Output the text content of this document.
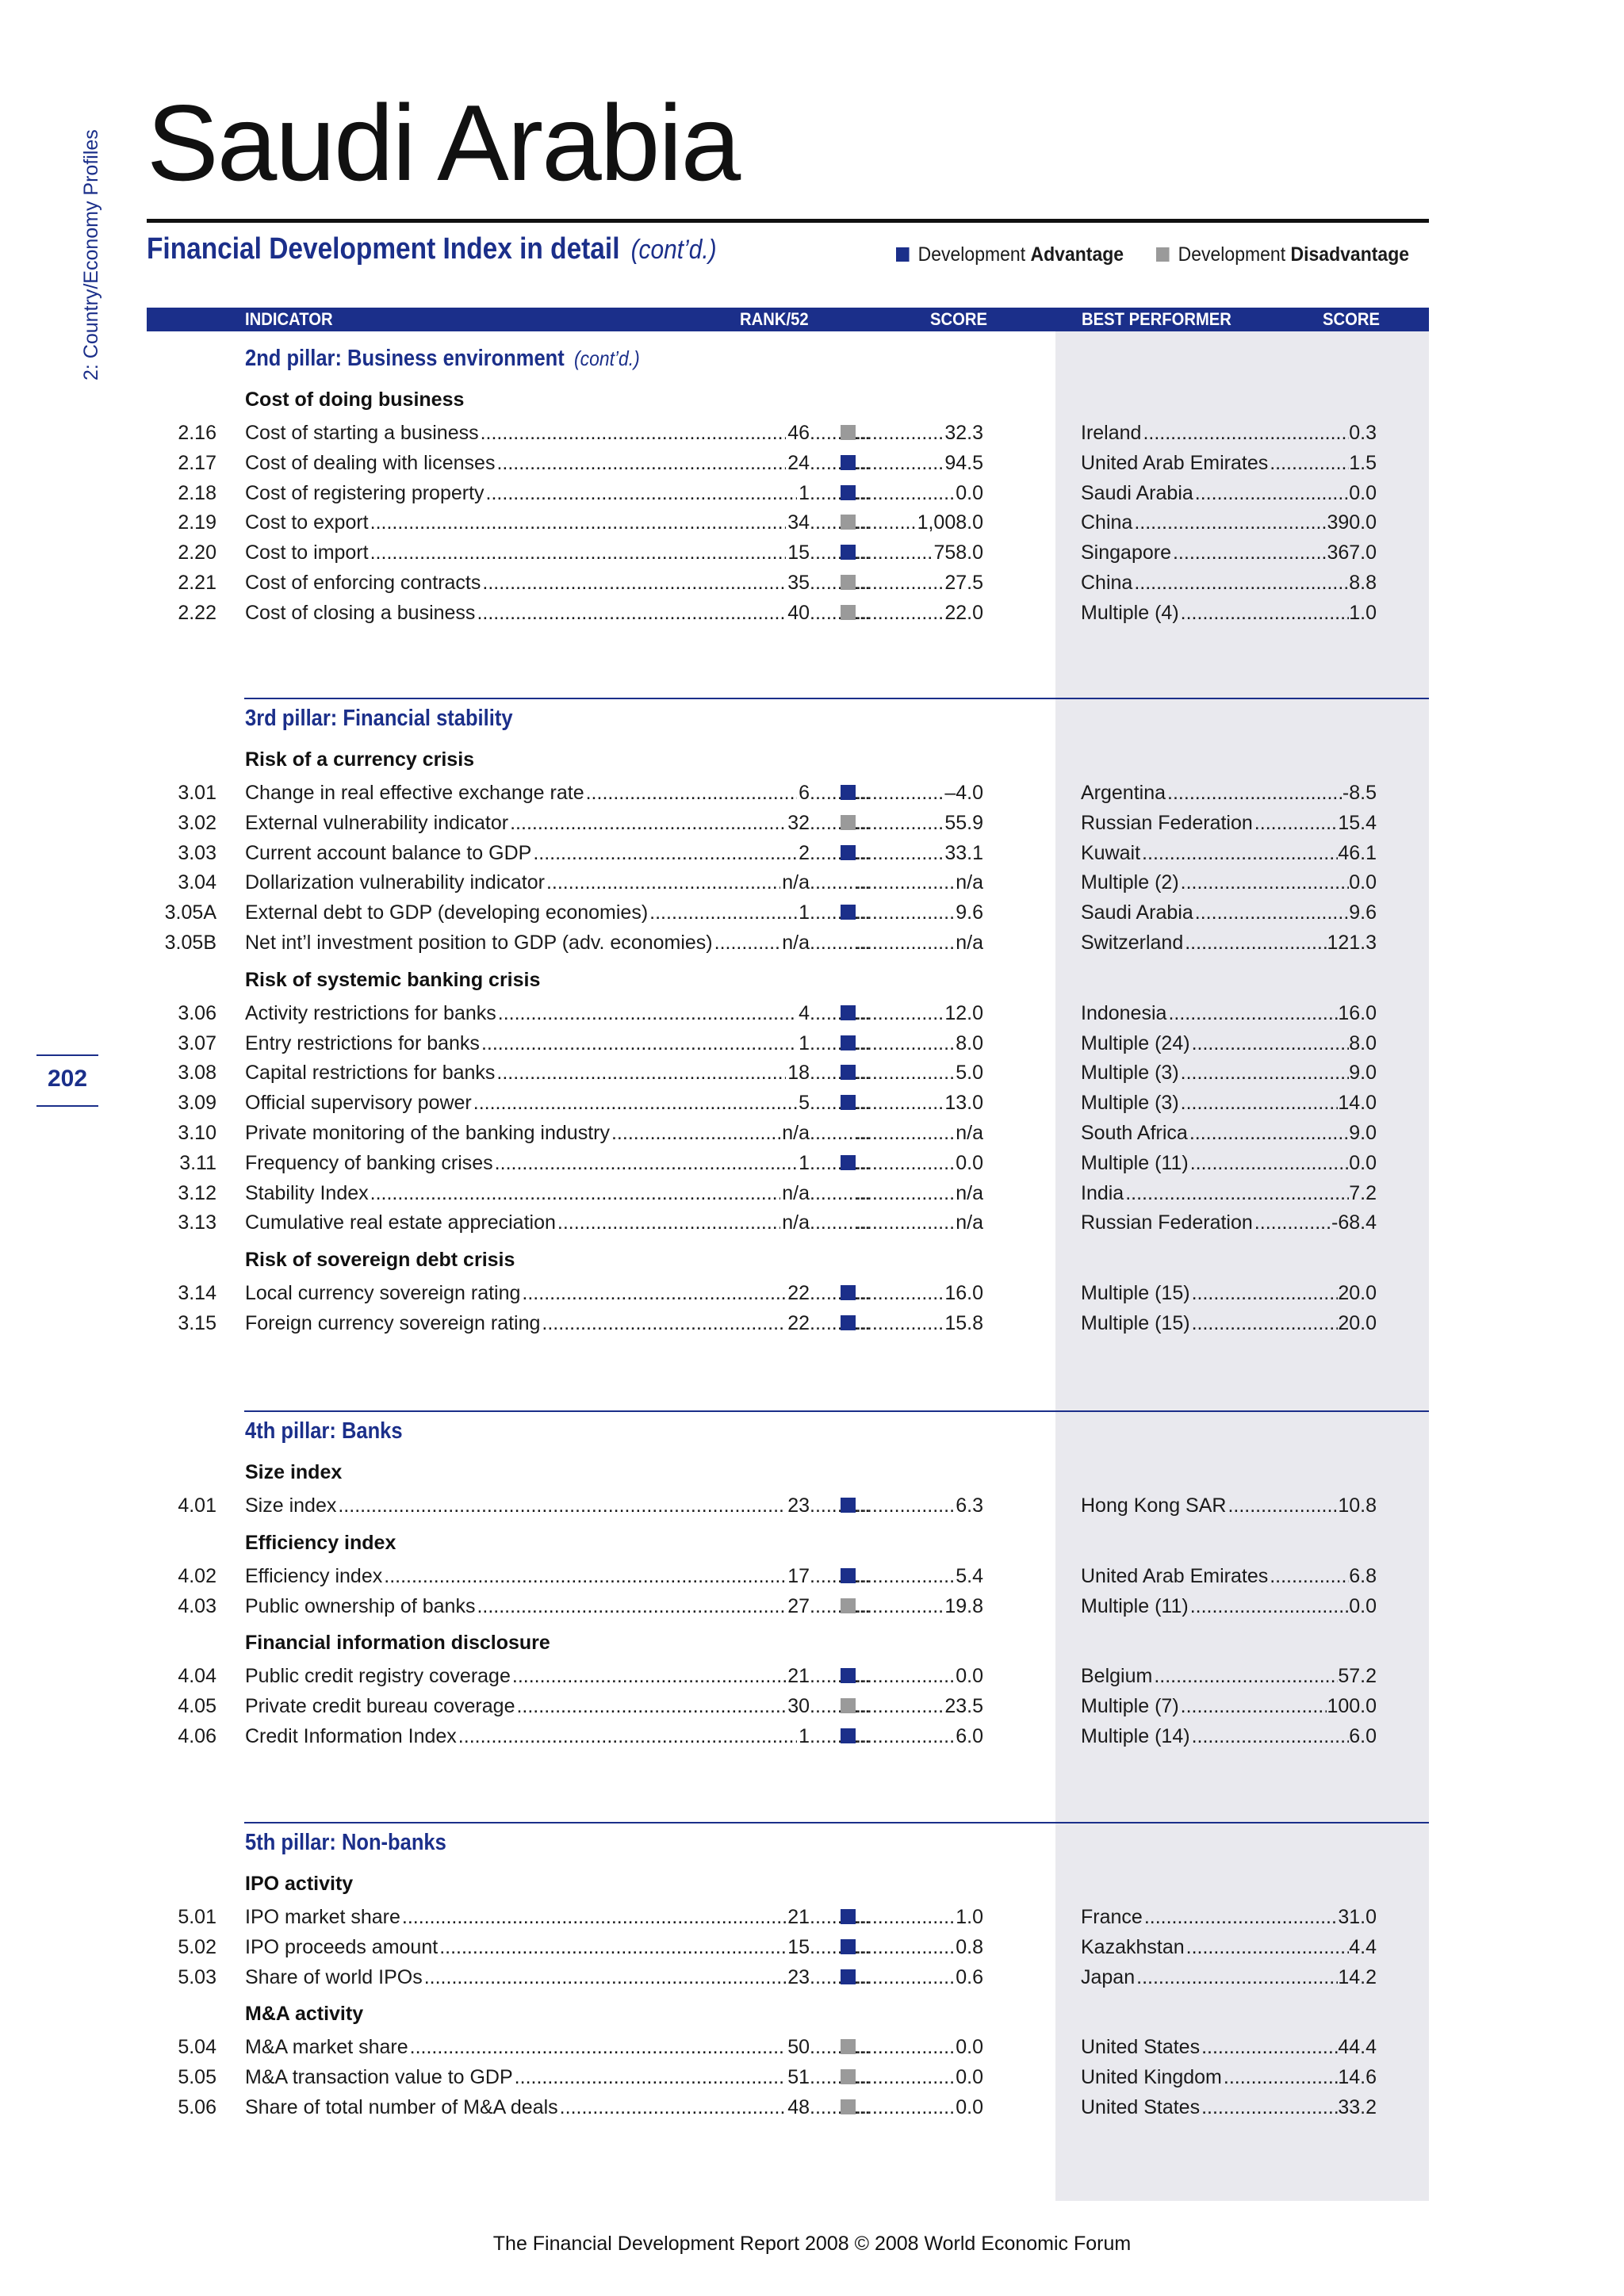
2: Country/Economy Profiles
202
Saudi Arabia
Financial Development Index in detail (cont’d.)	Development Advantage	Development Disadvantage
INDICATOR	RANK/52	SCORE	BEST PERFORMER	SCORE
2nd pillar: Business environment (cont’d.)
Cost of doing business
2.16 Cost of starting a business .....	46 ..... .....	32.3	Ireland .....	0.3
2.17 Cost of dealing with licenses .....	24 ..... .....	94.5	United Arab Emirates .....	1.5
2.18 Cost of registering property .....	1 ..... .....	0.0	Saudi Arabia .....	0.0
2.19 Cost to export .....	34 ..... .....	1,008.0	China .....	390.0
2.20 Cost to import .....	15 ..... .....	758.0	Singapore .....	367.0
2.21 Cost of enforcing contracts .....	35 ..... .....	27.5	China .....	8.8
2.22 Cost of closing a business .....	40 ..... .....	22.0	Multiple (4) .....	1.0
3rd pillar: Financial stability
Risk of a currency crisis
3.01 Change in real effective exchange rate .....	6 ..... .....	–4.0	Argentina .....	-8.5
3.02 External vulnerability indicator .....	32 ..... .....	55.9	Russian Federation .....	15.4
3.03 Current account balance to GDP .....	2 ..... .....	33.1	Kuwait .....	46.1
3.04 Dollarization vulnerability indicator .....	n/a ..... .....	n/a	Multiple (2) .....	0.0
3.05A External debt to GDP (developing economies) .....	1 ..... .....	9.6	Saudi Arabia .....	9.6
3.05B Net int’l investment position to GDP (adv. economies) .....	n/a ..... .....	n/a	Switzerland .....	121.3
Risk of systemic banking crisis
3.06 Activity restrictions for banks .....	4 ..... .....	12.0	Indonesia .....	16.0
3.07 Entry restrictions for banks .....	1 ..... .....	8.0	Multiple (24) .....	8.0
3.08 Capital restrictions for banks .....	18 ..... .....	5.0	Multiple (3) .....	9.0
3.09 Official supervisory power .....	5 ..... .....	13.0	Multiple (3) .....	14.0
3.10 Private monitoring of the banking industry .....	n/a ..... .....	n/a	South Africa .....	9.0
3.11 Frequency of banking crises .....	1 ..... .....	0.0	Multiple (11) .....	0.0
3.12 Stability Index .....	n/a ..... .....	n/a	India .....	7.2
3.13 Cumulative real estate appreciation .....	n/a ..... .....	n/a	Russian Federation .....	-68.4
Risk of sovereign debt crisis
3.14 Local currency sovereign rating .....	22 ..... .....	16.0	Multiple (15) .....	20.0
3.15 Foreign currency sovereign rating .....	22 ..... .....	15.8	Multiple (15) .....	20.0
4th pillar: Banks
Size index
4.01 Size index .....	23 ..... .....	6.3	Hong Kong SAR .....	10.8
Efficiency index
4.02 Efficiency index .....	17 ..... .....	5.4	United Arab Emirates .....	6.8
4.03 Public ownership of banks .....	27 ..... .....	19.8	Multiple (11) .....	0.0
Financial information disclosure
4.04 Public credit registry coverage .....	21 ..... .....	0.0	Belgium .....	57.2
4.05 Private credit bureau coverage .....	30 ..... .....	23.5	Multiple (7) .....	100.0
4.06 Credit Information Index .....	1 ..... .....	6.0	Multiple (14) .....	6.0
5th pillar: Non-banks
IPO activity
5.01 IPO market share .....	21 ..... .....	1.0	France .....	31.0
5.02 IPO proceeds amount .....	15 ..... .....	0.8	Kazakhstan .....	4.4
5.03 Share of world IPOs .....	23 ..... .....	0.6	Japan .....	14.2
M&A activity
5.04 M&A market share .....	50 ..... .....	0.0	United States .....	44.4
5.05 M&A transaction value to GDP .....	51 ..... .....	0.0	United Kingdom .....	14.6
5.06 Share of total number of M&A deals .....	48 ..... .....	0.0	United States .....	33.2
The Financial Development Report 2008 © 2008 World Economic Forum
